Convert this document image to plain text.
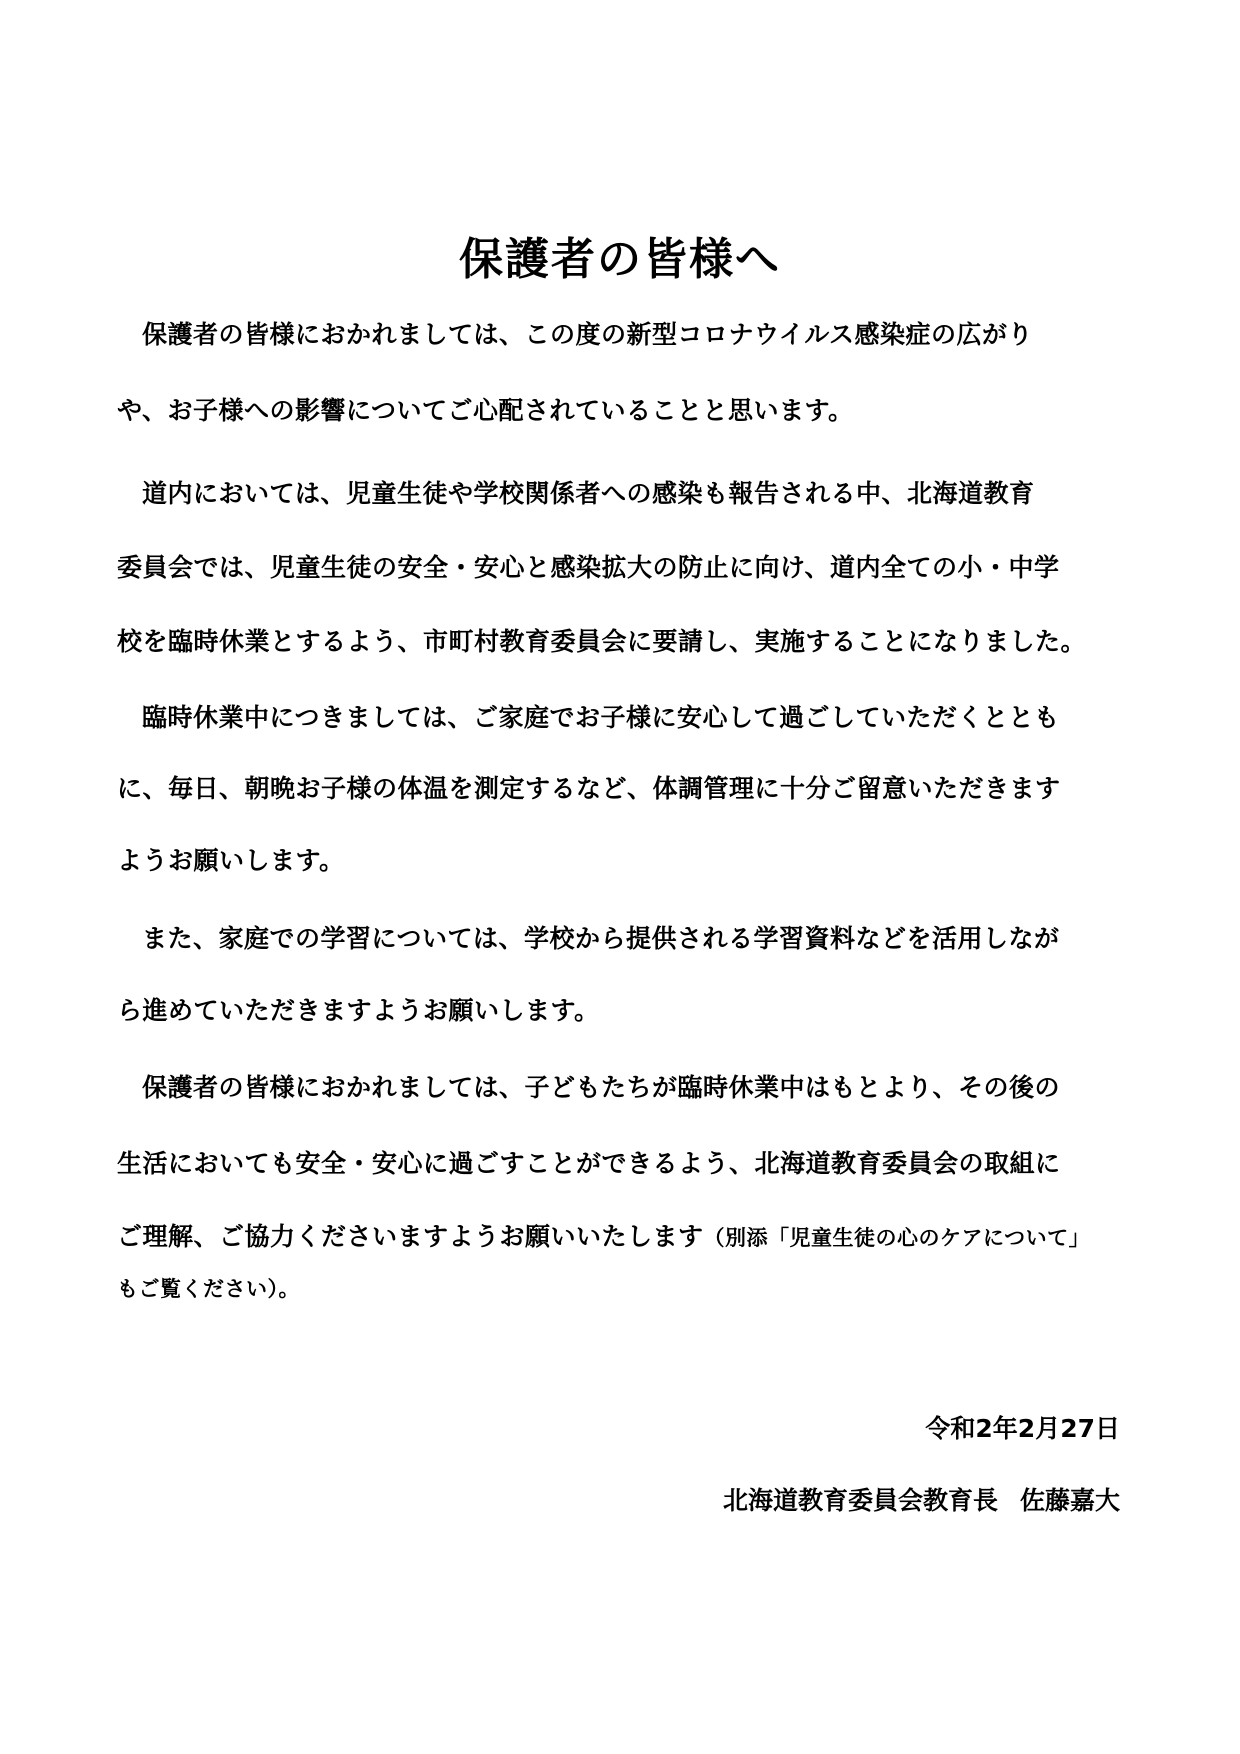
保護者の皆様へ
保護者の皆様におかれましては、この度の新型コロナウイルス感染症の広がり
や、お子様への影響についてご心配されていることと思います。
道内においては、児童生徒や学校関係者への感染も報告される中、北海道教育
委員会では、児童生徒の安全・安心と感染拡大の防止に向け、道内全ての小・中学
校を臨時休業とするよう、市町村教育委員会に要請し、実施することになりました。
臨時休業中につきましては、ご家庭でお子様に安心して過ごしていただくととも
に、毎日、朝晩お子様の体温を測定するなど、体調管理に十分ご留意いただきます
ようお願いします。
また、家庭での学習については、学校から提供される学習資料などを活用しなが
ら進めていただきますようお願いします。
保護者の皆様におかれましては、子どもたちが臨時休業中はもとより、その後の
生活においても安全・安心に過ごすことができるよう、北海道教育委員会の取組に
ご理解、ご協力くださいますようお願いいたします（別添「児童生徒の心のケアについて」
もご覧ください）。
令和2年2月27日
北海道教育委員会教育長 佐藤嘉大
